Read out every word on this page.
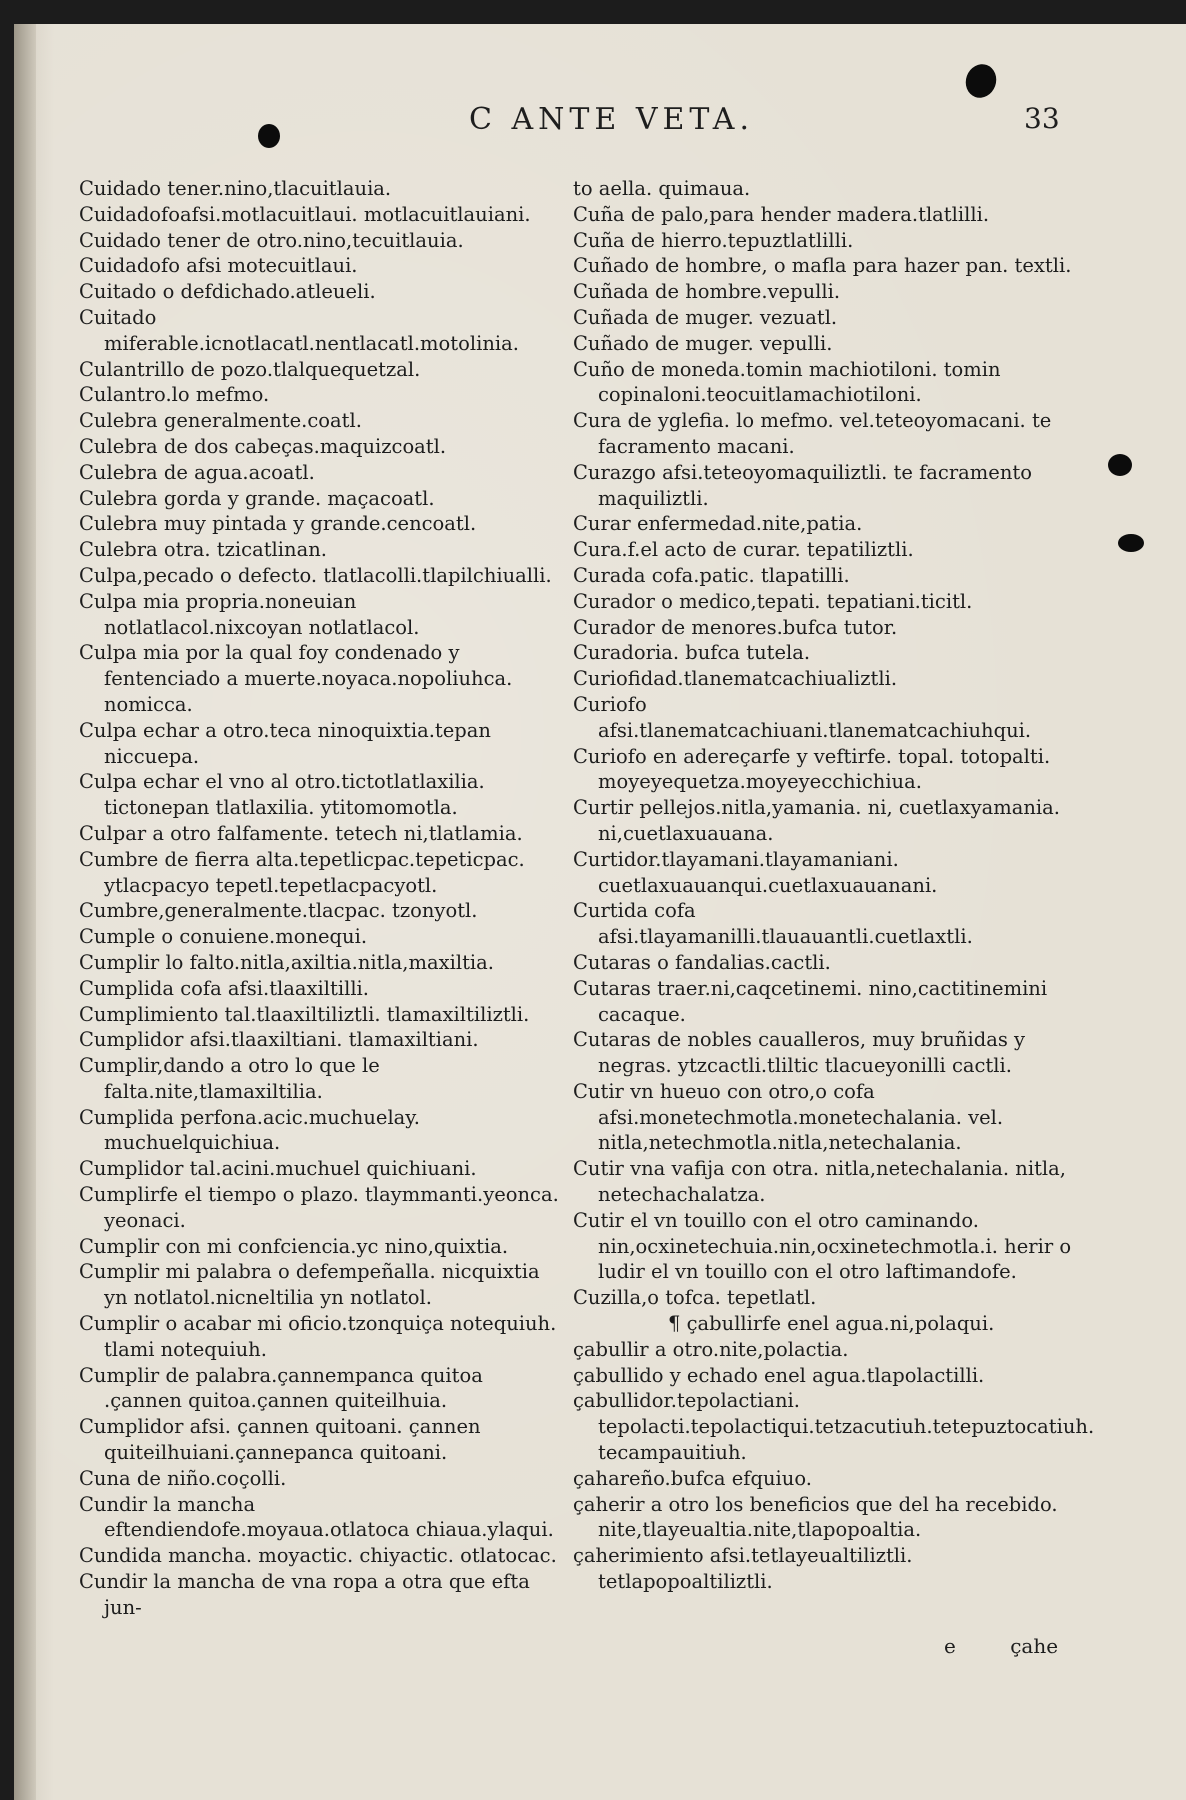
C ANTE VETA.	33

Cuidado tener.nino,tlacuitlauia.

Cuidadofoafsi.motlacuitlaui. motlacuitlauiani.

Cuidado tener de otro.nino,tecuitlauia.

Cuidadofo afsi motecuitlaui.

Cuitado o defdichado.atleueli.

Cuitado miferable.icnotlacatl.nentlacatl.motolinia.

Culantrillo de pozo.tlalquequetzal.

Culantro.lo mefmo.

Culebra generalmente.coatl.

Culebra de dos cabeças.maquizcoatl.

Culebra de agua.acoatl.

Culebra gorda y grande. maçacoatl.

Culebra muy pintada y grande.cencoatl.

Culebra otra. tzicatlinan.

Culpa,pecado o defecto. tlatlacolli.tlapilchiualli.

Culpa mia propria.noneuian notlatlacol.nixcoyan notlatlacol.

Culpa mia por la qual foy condenado y fentenciado a muerte.noyaca.nopoliuhca. nomicca.

Culpa echar a otro.teca ninoquixtia.tepan niccuepa.

Culpa echar el vno al otro.tictotlatlaxilia. tictonepan tlatlaxilia. ytitomomotla.

Culpar a otro falfamente. tetech ni,tlatlamia.

Cumbre de fierra alta.tepetlicpac.tepeticpac. ytlacpacyo tepetl.tepetlacpacyotl.

Cumbre,generalmente.tlacpac. tzonyotl.

Cumple o conuiene.monequi.

Cumplir lo falto.nitla,axiltia.nitla,maxiltia.

Cumplida cofa afsi.tlaaxiltilli.

Cumplimiento tal.tlaaxiltiliztli. tlamaxiltiliztli.

Cumplidor afsi.tlaaxiltiani. tlamaxiltiani.

Cumplir,dando a otro lo que le falta.nite,tlamaxiltilia.

Cumplida perfona.acic.muchuelay. muchuelquichiua.

Cumplidor tal.acini.muchuel quichiuani.

Cumplirfe el tiempo o plazo. tlaymmanti.yeonca. yeonaci.

Cumplir con mi confciencia.yc nino,quixtia.

Cumplir mi palabra o defempeñalla. nicquixtia yn notlatol.nicneltilia yn notlatol.

Cumplir o acabar mi oficio.tzonquiça notequiuh. tlami notequiuh.

Cumplir de palabra.çannempanca quitoa .çannen quitoa.çannen quiteilhuia.

Cumplidor afsi. çannen quitoani. çannen quiteilhuiani.çannepanca quitoani.

Cuna de niño.coçolli.

Cundir la mancha eftendiendofe.moyaua.otlatoca chiaua.ylaqui.

Cundida mancha. moyactic. chiyactic. otlatocac.

Cundir la mancha de vna ropa a otra que efta jun-

to aella. quimaua.

Cuña de palo,para hender madera.tlatlilli.

Cuña de hierro.tepuztlatlilli.

Cuñado de hombre, o mafla para hazer pan. textli.

Cuñada de hombre.vepulli.

Cuñada de muger. vezuatl.

Cuñado de muger. vepulli.

Cuño de moneda.tomin machiotiloni. tomin copinaloni.teocuitlamachiotiloni.

Cura de yglefia. lo mefmo. vel.teteoyomacani. te facramento macani.

Curazgo afsi.teteoyomaquiliztli. te facramento maquiliztli.

Curar enfermedad.nite,patia.

Cura.f.el acto de curar. tepatiliztli.

Curada cofa.patic. tlapatilli.

Curador o medico,tepati. tepatiani.ticitl.

Curador de menores.bufca tutor.

Curadoria. bufca tutela.

Curiofidad.tlanematcachiualiztli.

Curiofo afsi.tlanematcachiuani.tlanematcachiuhqui.

Curiofo en adereçarfe y veftirfe. topal. totopalti. moyeyequetza.moyeyecchichiua.

Curtir pellejos.nitla,yamania. ni, cuetlaxyamania. ni,cuetlaxuauana.

Curtidor.tlayamani.tlayamaniani. cuetlaxuauanqui.cuetlaxuauanani.

Curtida cofa afsi.tlayamanilli.tlauauantli.cuetlaxtli.

Cutaras o fandalias.cactli.

Cutaras traer.ni,caqcetinemi. nino,cactitinemini cacaque.

Cutaras de nobles caualleros, muy bruñidas y negras. ytzcactli.tliltic tlacueyonilli cactli.

Cutir vn hueuo con otro,o cofa afsi.monetechmotla.monetechalania. vel. nitla,netechmotla.nitla,netechalania.

Cutir vna vafija con otra. nitla,netechalania. nitla, netechachalatza.

Cutir el vn touillo con el otro caminando. nin,ocxinetechuia.nin,ocxinetechmotla.i. herir o ludir el vn touillo con el otro laftimandofe.

Cuzilla,o tofca. tepetlatl.

¶ çabullirfe enel agua.ni,polaqui.

çabullir a otro.nite,polactia.

çabullido y echado enel agua.tlapolactilli.

çabullidor.tepolactiani. tepolacti.tepolactiqui.tetzacutiuh.tetepuztocatiuh. tecampauitiuh.

çahareño.bufca efquiuo.

çaherir a otro los beneficios que del ha recebido. nite,tlayeualtia.nite,tlapopoaltia.

çaherimiento afsi.tetlayeualtiliztli. tetlapopoaltiliztli.

e	çahe
